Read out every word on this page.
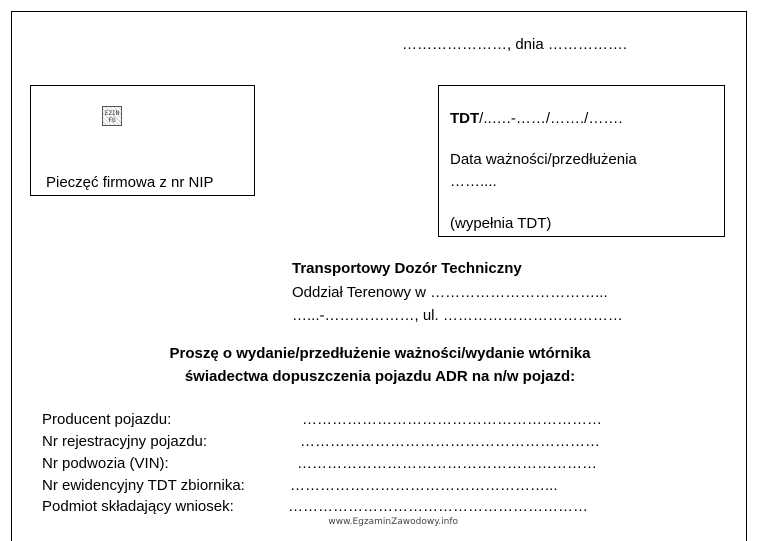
…………………, dnia …………….
EZINFO
Pieczęć firmowa z nr NIP
TDT/..….-……/……./…….
Data ważności/przedłużenia
……....
(wypełnia TDT)
Transportowy Dozór Techniczny
Oddział Terenowy w ……………………………...
…...-………………, ul. ………………………………
Proszę o wydanie/przedłużenie ważności/wydanie wtórnika
świadectwa dopuszczenia pojazdu ADR na n/w pojazd:
Producent pojazdu:	……………………………………………………
Nr rejestracyjny pojazdu:	……………………………………………………
Nr podwozia (VIN):	……………………………………………………
Nr ewidencyjny TDT zbiornika:	……………………………………………...
Podmiot składający wniosek:	……………………………………………………
www.EgzaminZawodowy.info
